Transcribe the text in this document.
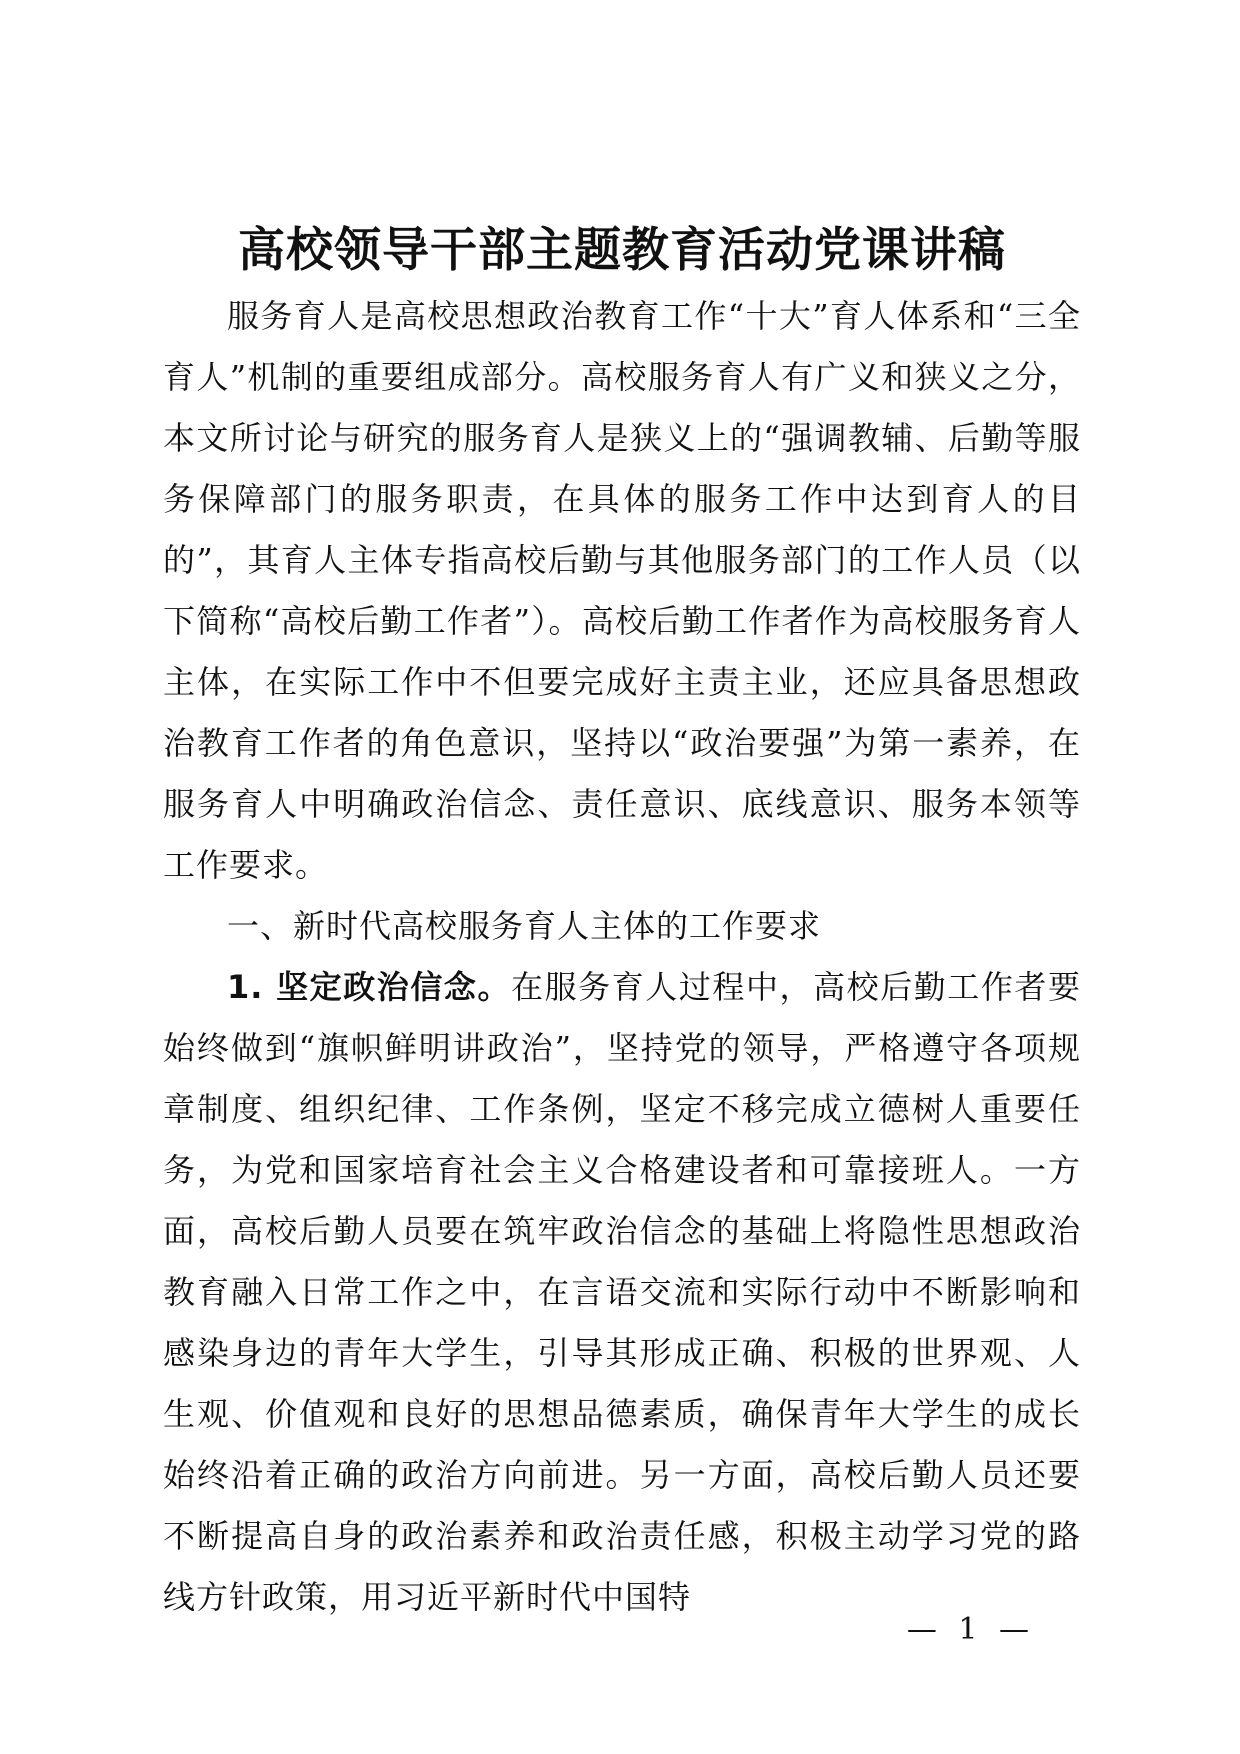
高校领导干部主题教育活动党课讲稿

服务育人是高校思想政治教育工作“十大”育人体系和“三全育人”机制的重要组成部分。高校服务育人有广义和狭义之分，本文所讨论与研究的服务育人是狭义上的“强调教辅、后勤等服务保障部门的服务职责，在具体的服务工作中达到育人的目的”，其育人主体专指高校后勤与其他服务部门的工作人员（以下简称“高校后勤工作者”）。高校后勤工作者作为高校服务育人主体，在实际工作中不但要完成好主责主业，还应具备思想政治教育工作者的角色意识，坚持以“政治要强”为第一素养，在服务育人中明确政治信念、责任意识、底线意识、服务本领等工作要求。

一、新时代高校服务育人主体的工作要求

1. 坚定政治信念。在服务育人过程中，高校后勤工作者要始终做到“旗帜鲜明讲政治”，坚持党的领导，严格遵守各项规章制度、组织纪律、工作条例，坚定不移完成立德树人重要任务，为党和国家培育社会主义合格建设者和可靠接班人。一方面，高校后勤人员要在筑牢政治信念的基础上将隐性思想政治教育融入日常工作之中，在言语交流和实际行动中不断影响和感染身边的青年大学生，引导其形成正确、积极的世界观、人生观、价值观和良好的思想品德素质，确保青年大学生的成长始终沿着正确的政治方向前进。另一方面，高校后勤人员还要不断提高自身的政治素养和政治责任感，积极主动学习党的路线方针政策，用习近平新时代中国特

— 1 —
